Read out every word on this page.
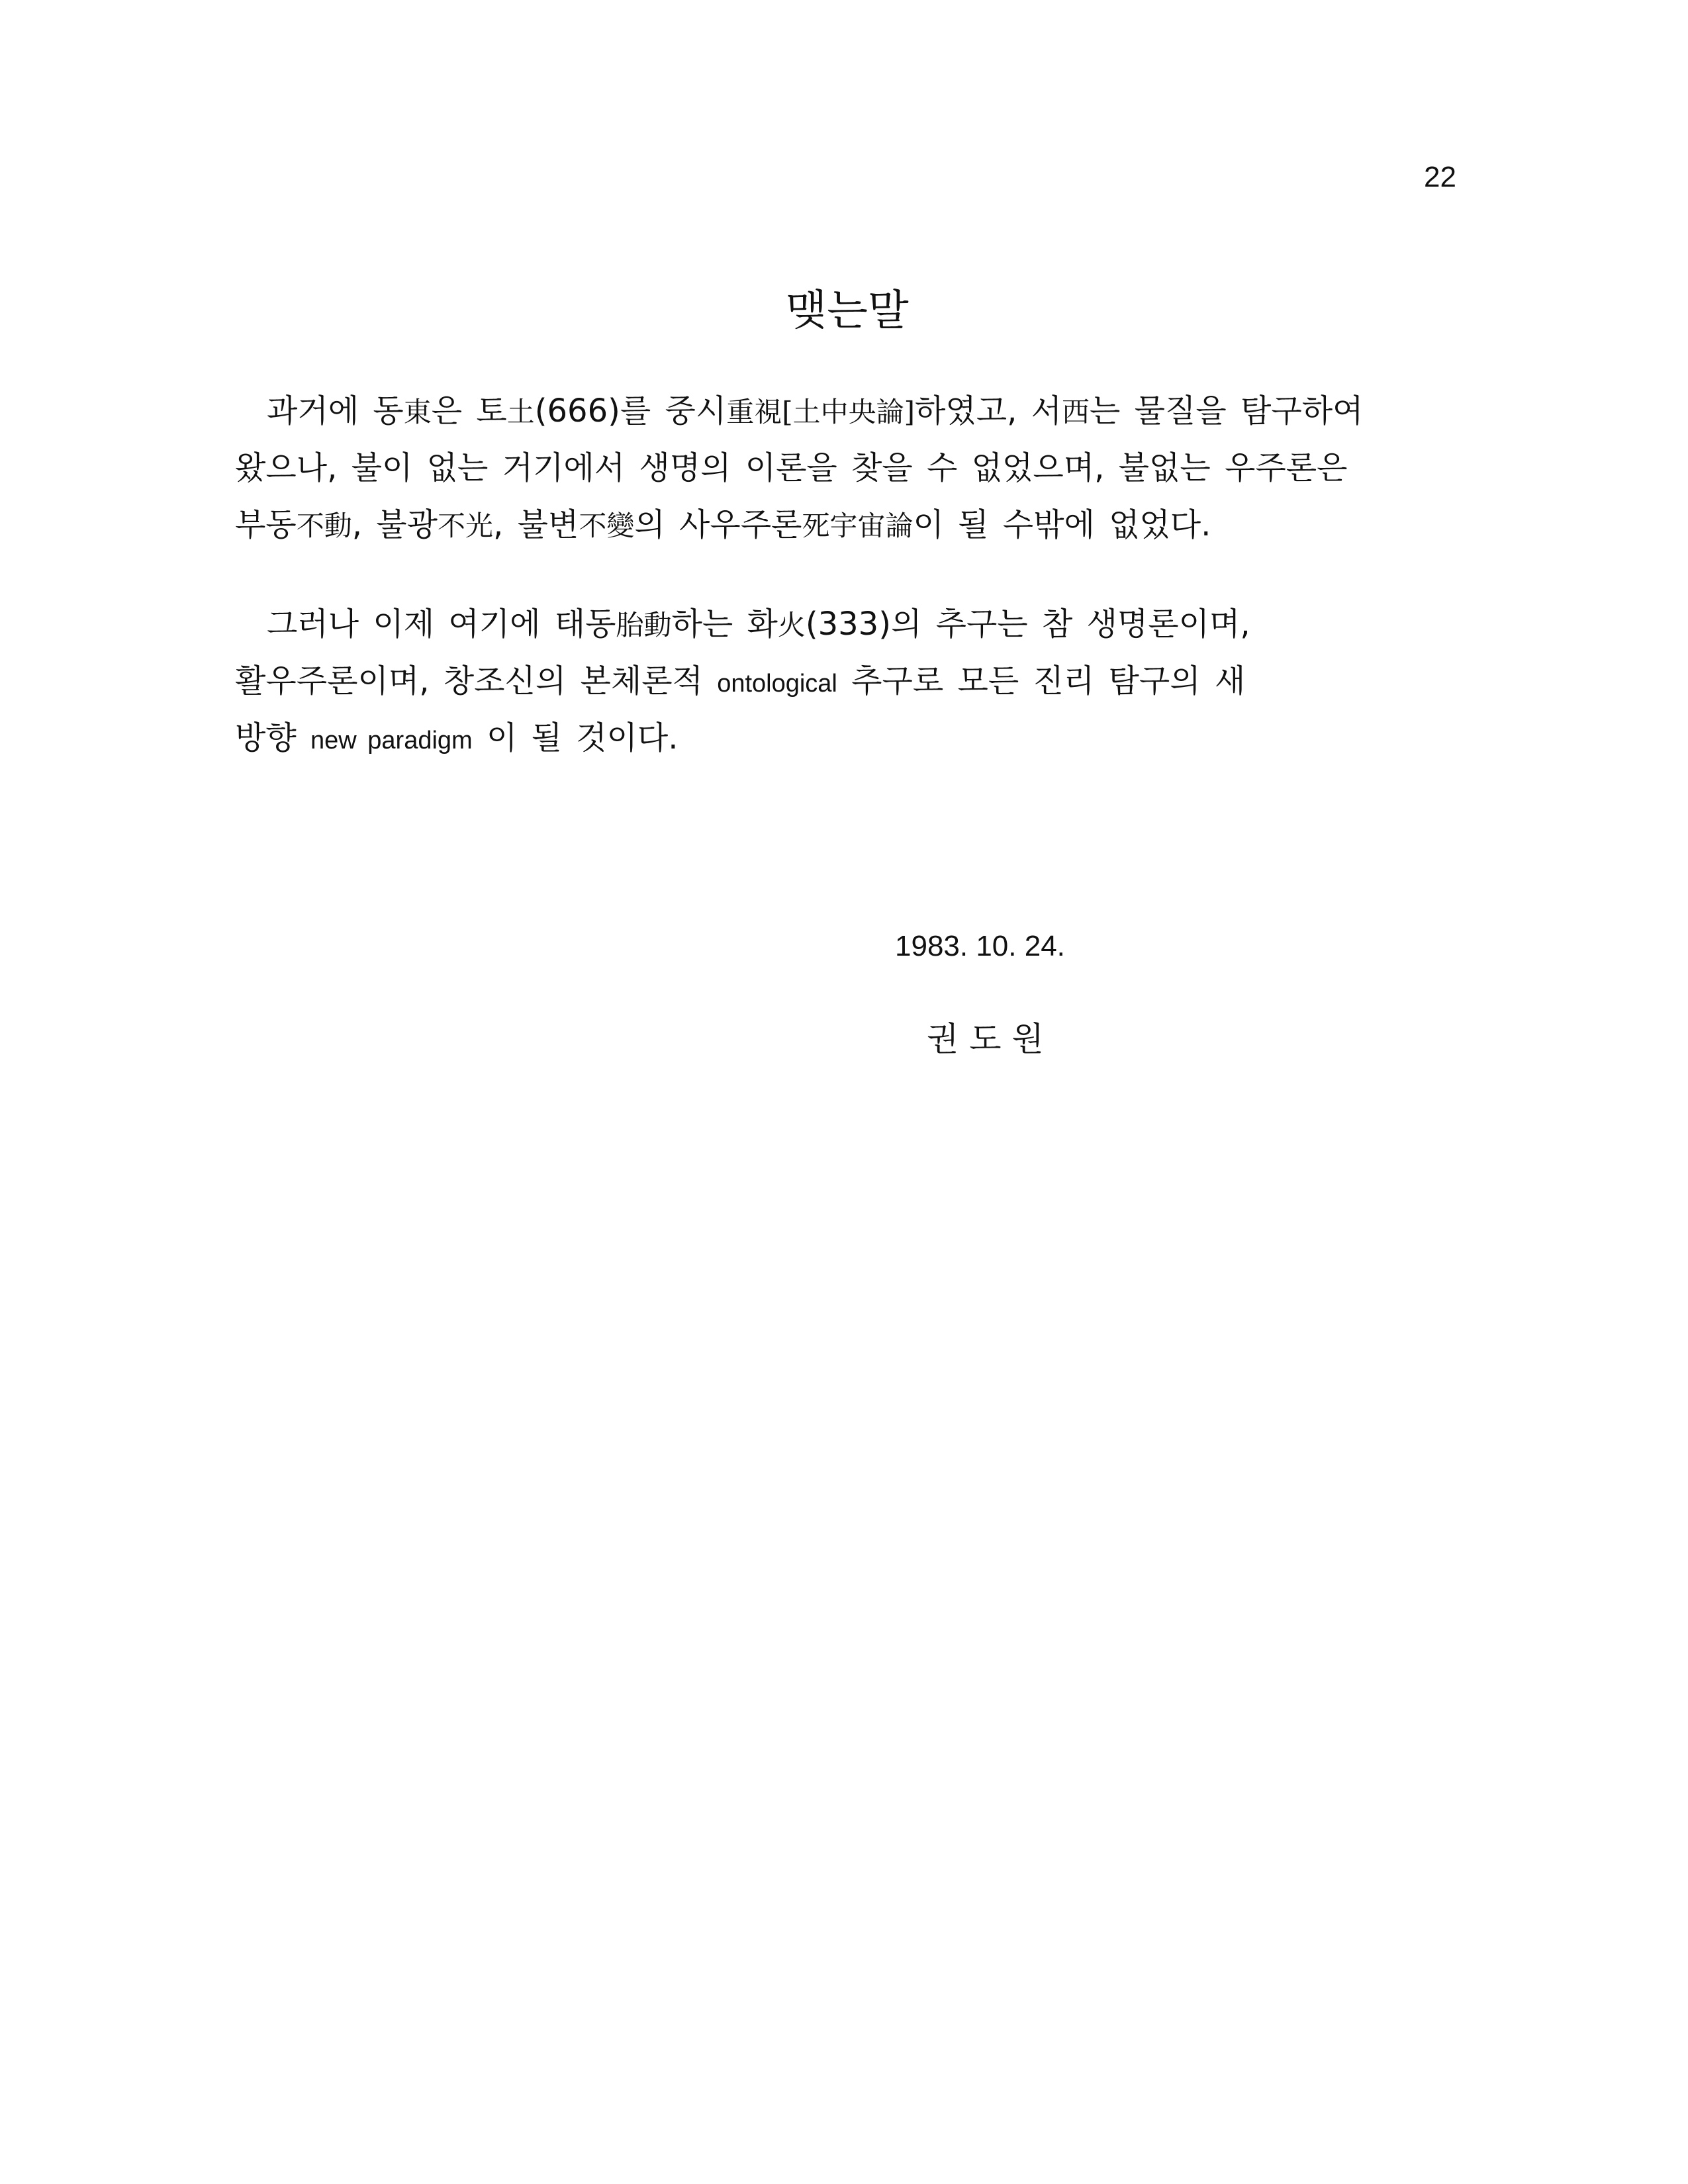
22
맺는말
과거에 동東은 토土(666)를 중시重視[土中央論]하였고, 서西는 물질을 탐구하여
왔으나, 불이 없는 거기에서 생명의 이론을 찾을 수 없었으며, 불없는 우주론은
부동不動, 불광不光, 불변不變의 사우주론死宇宙論이 될 수밖에 없었다.
그러나 이제 여기에 태동胎動하는 화火(333)의 추구는 참 생명론이며,
활우주론이며, 창조신의 본체론적 ontological 추구로 모든 진리 탐구의 새
방향 new paradigm 이 될 것이다.
1983. 10. 24.
권 도 원
